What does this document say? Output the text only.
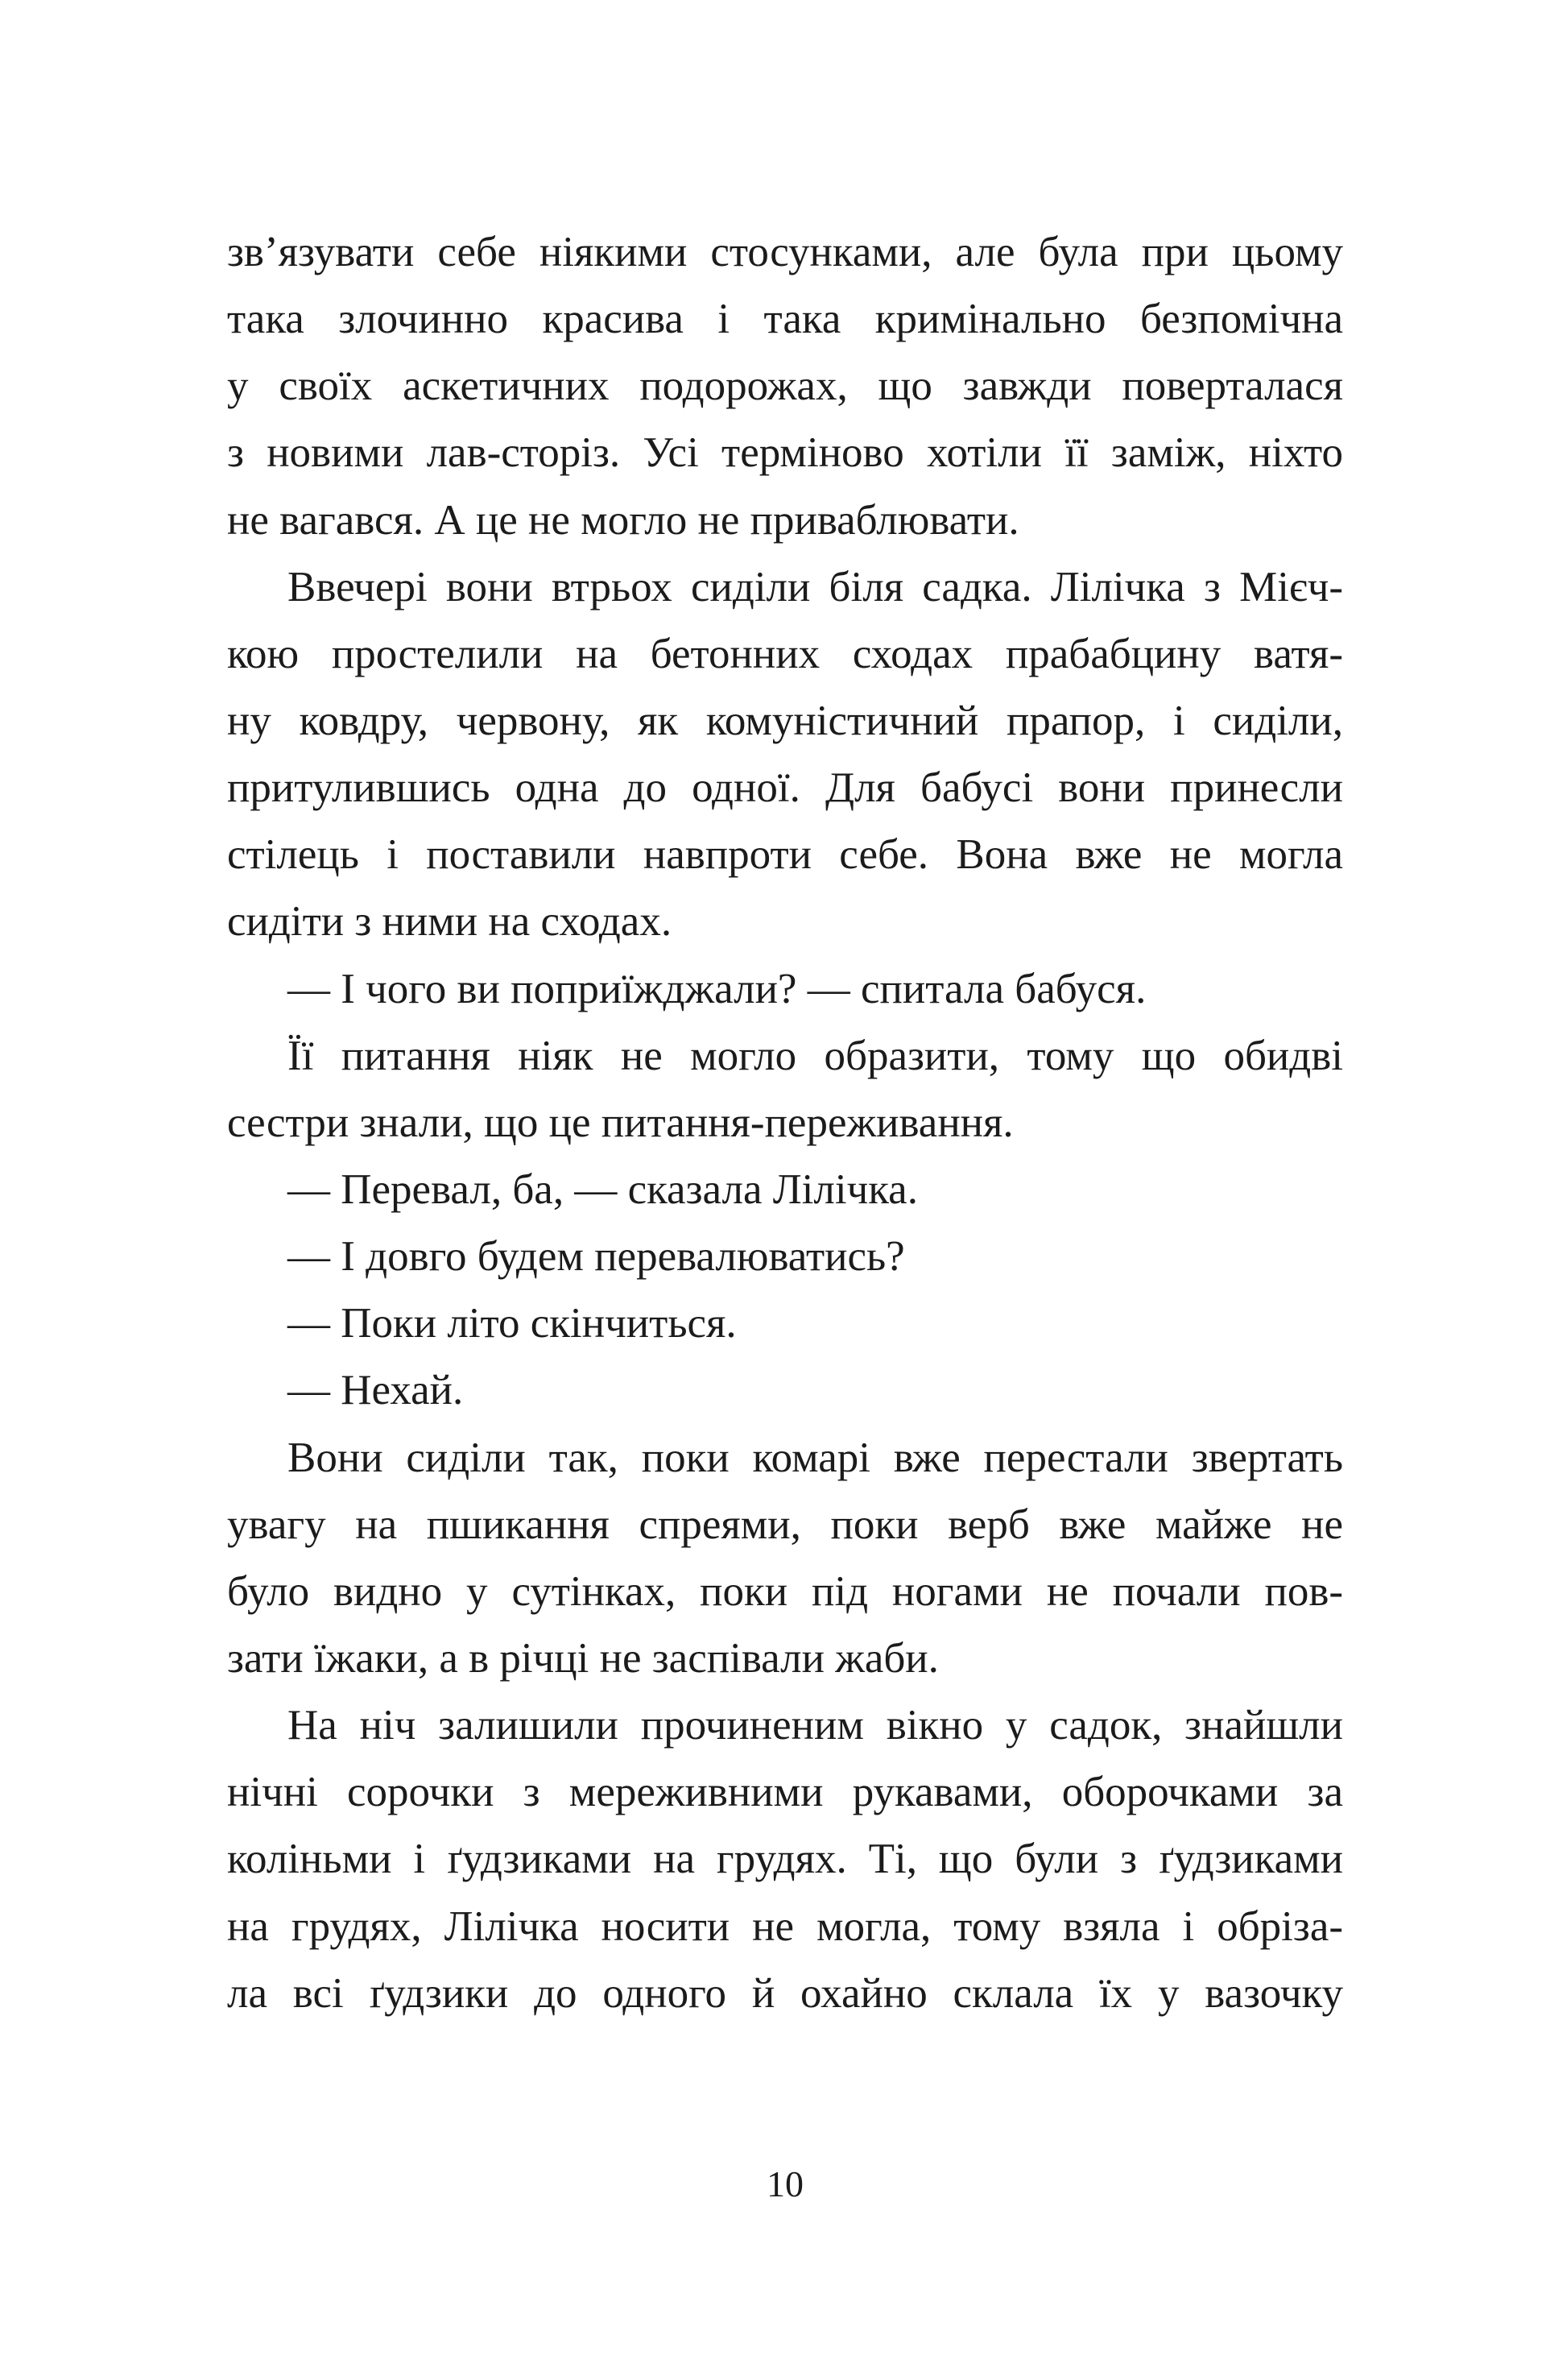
зв’язувати себе ніякими стосунками, але була при цьому
така злочинно красива і така кримінально безпомічна
у своїх аскетичних подорожах, що завжди поверталася
з новими лав-сторіз. Усі терміново хотіли її заміж, ніхто
не вагався. А це не могло не приваблювати.
Ввечері вони втрьох сиділи біля садка. Лілічка з Мієч-
кою простелили на бетонних сходах прабабцину ватя-
ну ковдру, червону, як комуністичний прапор, і сиділи,
притулившись одна до одної. Для бабусі вони принесли
стілець і поставили навпроти себе. Вона вже не могла
сидіти з ними на сходах.
— І чого ви поприїжджали? — спитала бабуся.
Її питання ніяк не могло образити, тому що обидві
сестри знали, що це питання-переживання.
— Перевал, ба, — сказала Лілічка.
— І довго будем перевалюватись?
— Поки літо скінчиться.
— Нехай.
Вони сиділи так, поки комарі вже перестали звертать
увагу на пшикання спреями, поки верб вже майже не
було видно у сутінках, поки під ногами не почали пов-
зати їжаки, а в річці не заспівали жаби.
На ніч залишили прочиненим вікно у садок, знайшли
нічні сорочки з мереживними рукавами, оборочками за
коліньми і ґудзиками на грудях. Ті, що були з ґудзиками
на грудях, Лілічка носити не могла, тому взяла і обріза-
ла всі ґудзики до одного й охайно склала їх у вазочку
10
